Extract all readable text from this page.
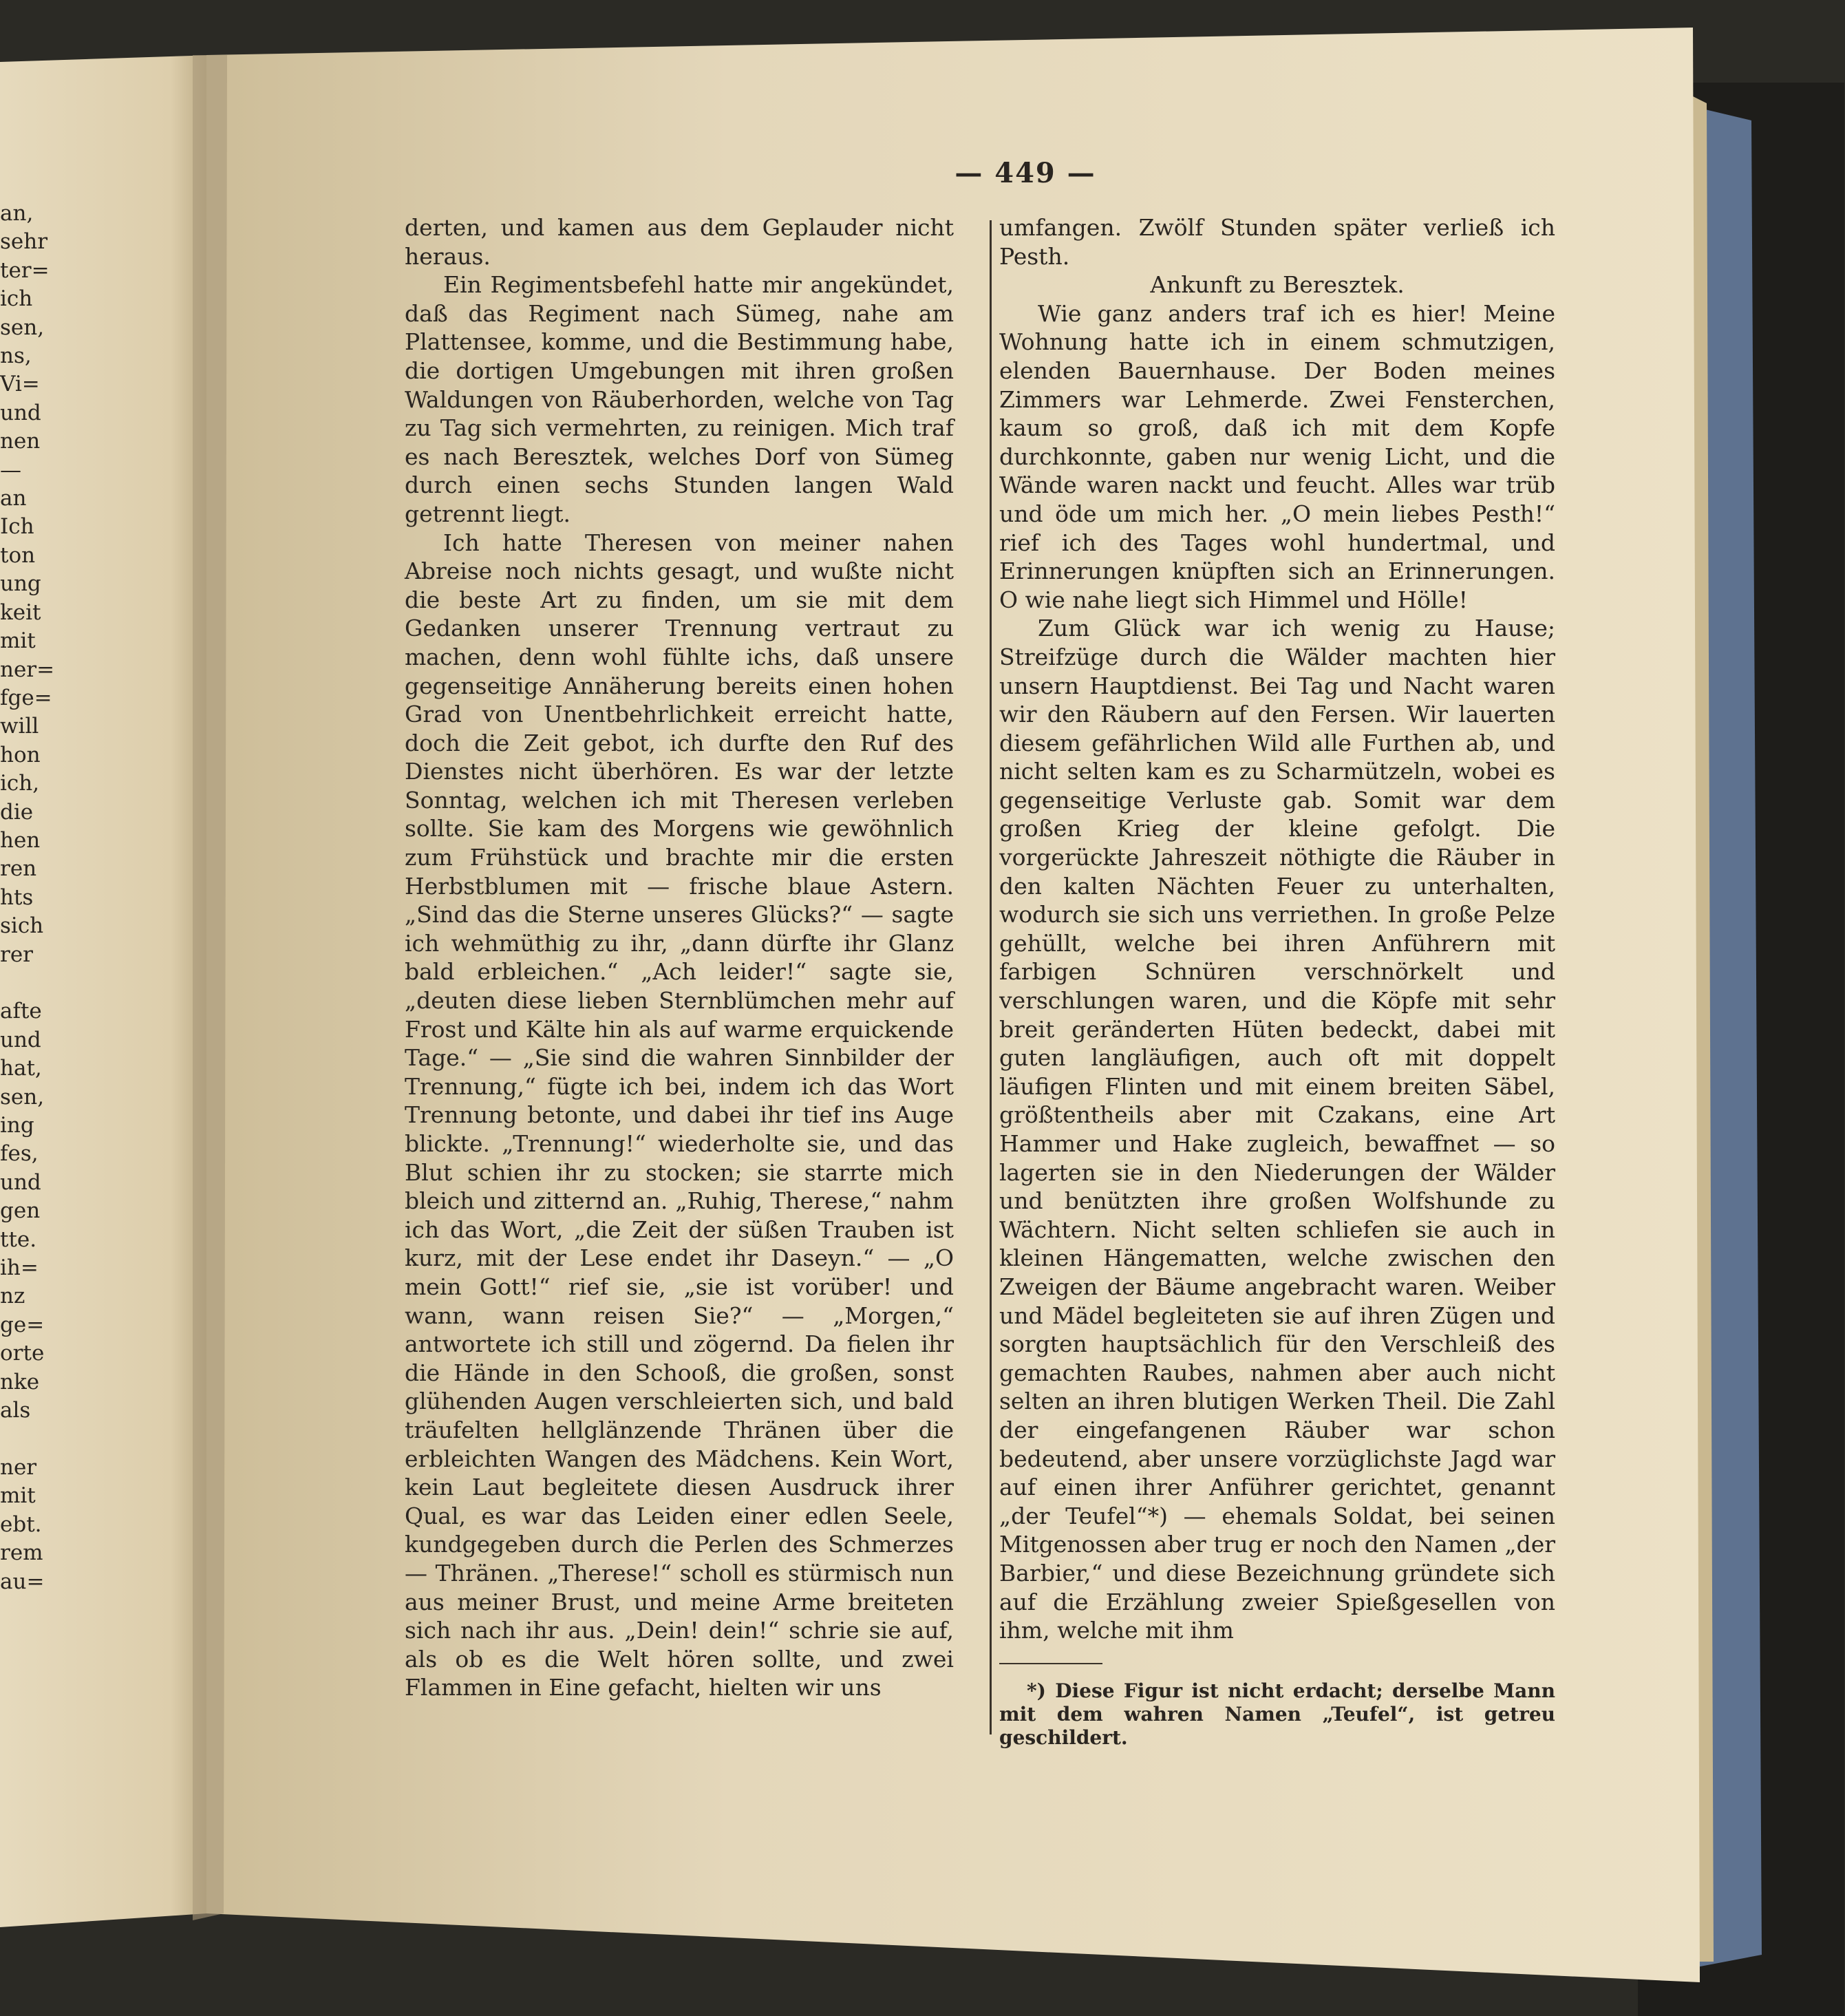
an,
sehr
ter=
ich
sen,
ns,
Vi=
und
nen
—
an
Ich
ton
ung
keit
mit
ner=
fge=
will
hon
ich,
die
hen
ren
hts
sich
rer

afte
und
hat,
sen,
ing
fes,
und
gen
tte.
ih=
nz
ge=
orte
nke
als

ner
mit
ebt.
rem
au=
— 449 —

derten, und kamen aus dem Geplauder nicht heraus.

Ein Regimentsbefehl hatte mir angekündet, daß das Regiment nach Sümeg, nahe am Plattensee, komme, und die Bestimmung habe, die dortigen Umgebungen mit ihren großen Waldungen von Räuberhorden, welche von Tag zu Tag sich vermehrten, zu reinigen. Mich traf es nach Beresztek, welches Dorf von Sümeg durch einen sechs Stunden langen Wald getrennt liegt.

Ich hatte Theresen von meiner nahen Abreise noch nichts gesagt, und wußte nicht die beste Art zu finden, um sie mit dem Gedanken unserer Trennung vertraut zu machen, denn wohl fühlte ichs, daß unsere gegenseitige Annäherung bereits einen hohen Grad von Unentbehrlichkeit erreicht hatte, doch die Zeit gebot, ich durfte den Ruf des Dienstes nicht überhören. Es war der letzte Sonntag, welchen ich mit Theresen verleben sollte. Sie kam des Morgens wie gewöhnlich zum Frühstück und brachte mir die ersten Herbstblumen mit — frische blaue Astern. „Sind das die Sterne unseres Glücks?“ — sagte ich wehmüthig zu ihr, „dann dürfte ihr Glanz bald erbleichen.“ „Ach leider!“ sagte sie, „deuten diese lieben Sternblümchen mehr auf Frost und Kälte hin als auf warme erquickende Tage.“ — „Sie sind die wahren Sinnbilder der Trennung,“ fügte ich bei, indem ich das Wort Trennung betonte, und dabei ihr tief ins Auge blickte. „Trennung!“ wiederholte sie, und das Blut schien ihr zu stocken; sie starrte mich bleich und zitternd an. „Ruhig, Therese,“ nahm ich das Wort, „die Zeit der süßen Trauben ist kurz, mit der Lese endet ihr Daseyn.“ — „O mein Gott!“ rief sie, „sie ist vorüber! und wann, wann reisen Sie?“ — „Morgen,“ antwortete ich still und zögernd. Da fielen ihr die Hände in den Schooß, die großen, sonst glühenden Augen verschleierten sich, und bald träufelten hellglänzende Thränen über die erbleichten Wangen des Mädchens. Kein Wort, kein Laut begleitete diesen Ausdruck ihrer Qual, es war das Leiden einer edlen Seele, kundgegeben durch die Perlen des Schmerzes — Thränen. „Therese!“ scholl es stürmisch nun aus meiner Brust, und meine Arme breiteten sich nach ihr aus. „Dein! dein!“ schrie sie auf, als ob es die Welt hören sollte, und zwei Flammen in Eine gefacht, hielten wir uns

umfangen. Zwölf Stunden später verließ ich Pesth.

Ankunft zu Beresztek.

Wie ganz anders traf ich es hier! Meine Wohnung hatte ich in einem schmutzigen, elenden Bauernhause. Der Boden meines Zimmers war Lehmerde. Zwei Fensterchen, kaum so groß, daß ich mit dem Kopfe durchkonnte, gaben nur wenig Licht, und die Wände waren nackt und feucht. Alles war trüb und öde um mich her. „O mein liebes Pesth!“ rief ich des Tages wohl hundertmal, und Erinnerungen knüpften sich an Erinnerungen. O wie nahe liegt sich Himmel und Hölle!

Zum Glück war ich wenig zu Hause; Streifzüge durch die Wälder machten hier unsern Hauptdienst. Bei Tag und Nacht waren wir den Räubern auf den Fersen. Wir lauerten diesem gefährlichen Wild alle Furthen ab, und nicht selten kam es zu Scharmützeln, wobei es gegenseitige Verluste gab. Somit war dem großen Krieg der kleine gefolgt. Die vorgerückte Jahreszeit nöthigte die Räuber in den kalten Nächten Feuer zu unterhalten, wodurch sie sich uns verriethen. In große Pelze gehüllt, welche bei ihren Anführern mit farbigen Schnüren verschnörkelt und verschlungen waren, und die Köpfe mit sehr breit geränderten Hüten bedeckt, dabei mit guten langläufigen, auch oft mit doppelt läufigen Flinten und mit einem breiten Säbel, größtentheils aber mit Czakans, eine Art Hammer und Hake zugleich, bewaffnet — so lagerten sie in den Niederungen der Wälder und benützten ihre großen Wolfshunde zu Wächtern. Nicht selten schliefen sie auch in kleinen Hängematten, welche zwischen den Zweigen der Bäume angebracht waren. Weiber und Mädel begleiteten sie auf ihren Zügen und sorgten hauptsächlich für den Verschleiß des gemachten Raubes, nahmen aber auch nicht selten an ihren blutigen Werken Theil. Die Zahl der eingefangenen Räuber war schon bedeutend, aber unsere vorzüglichste Jagd war auf einen ihrer Anführer gerichtet, genannt „der Teufel“*) — ehemals Soldat, bei seinen Mitgenossen aber trug er noch den Namen „der Barbier,“ und diese Bezeichnung gründete sich auf die Erzählung zweier Spießgesellen von ihm, welche mit ihm

*) Diese Figur ist nicht erdacht; derselbe Mann mit dem wahren Namen „Teufel“, ist getreu geschildert.
